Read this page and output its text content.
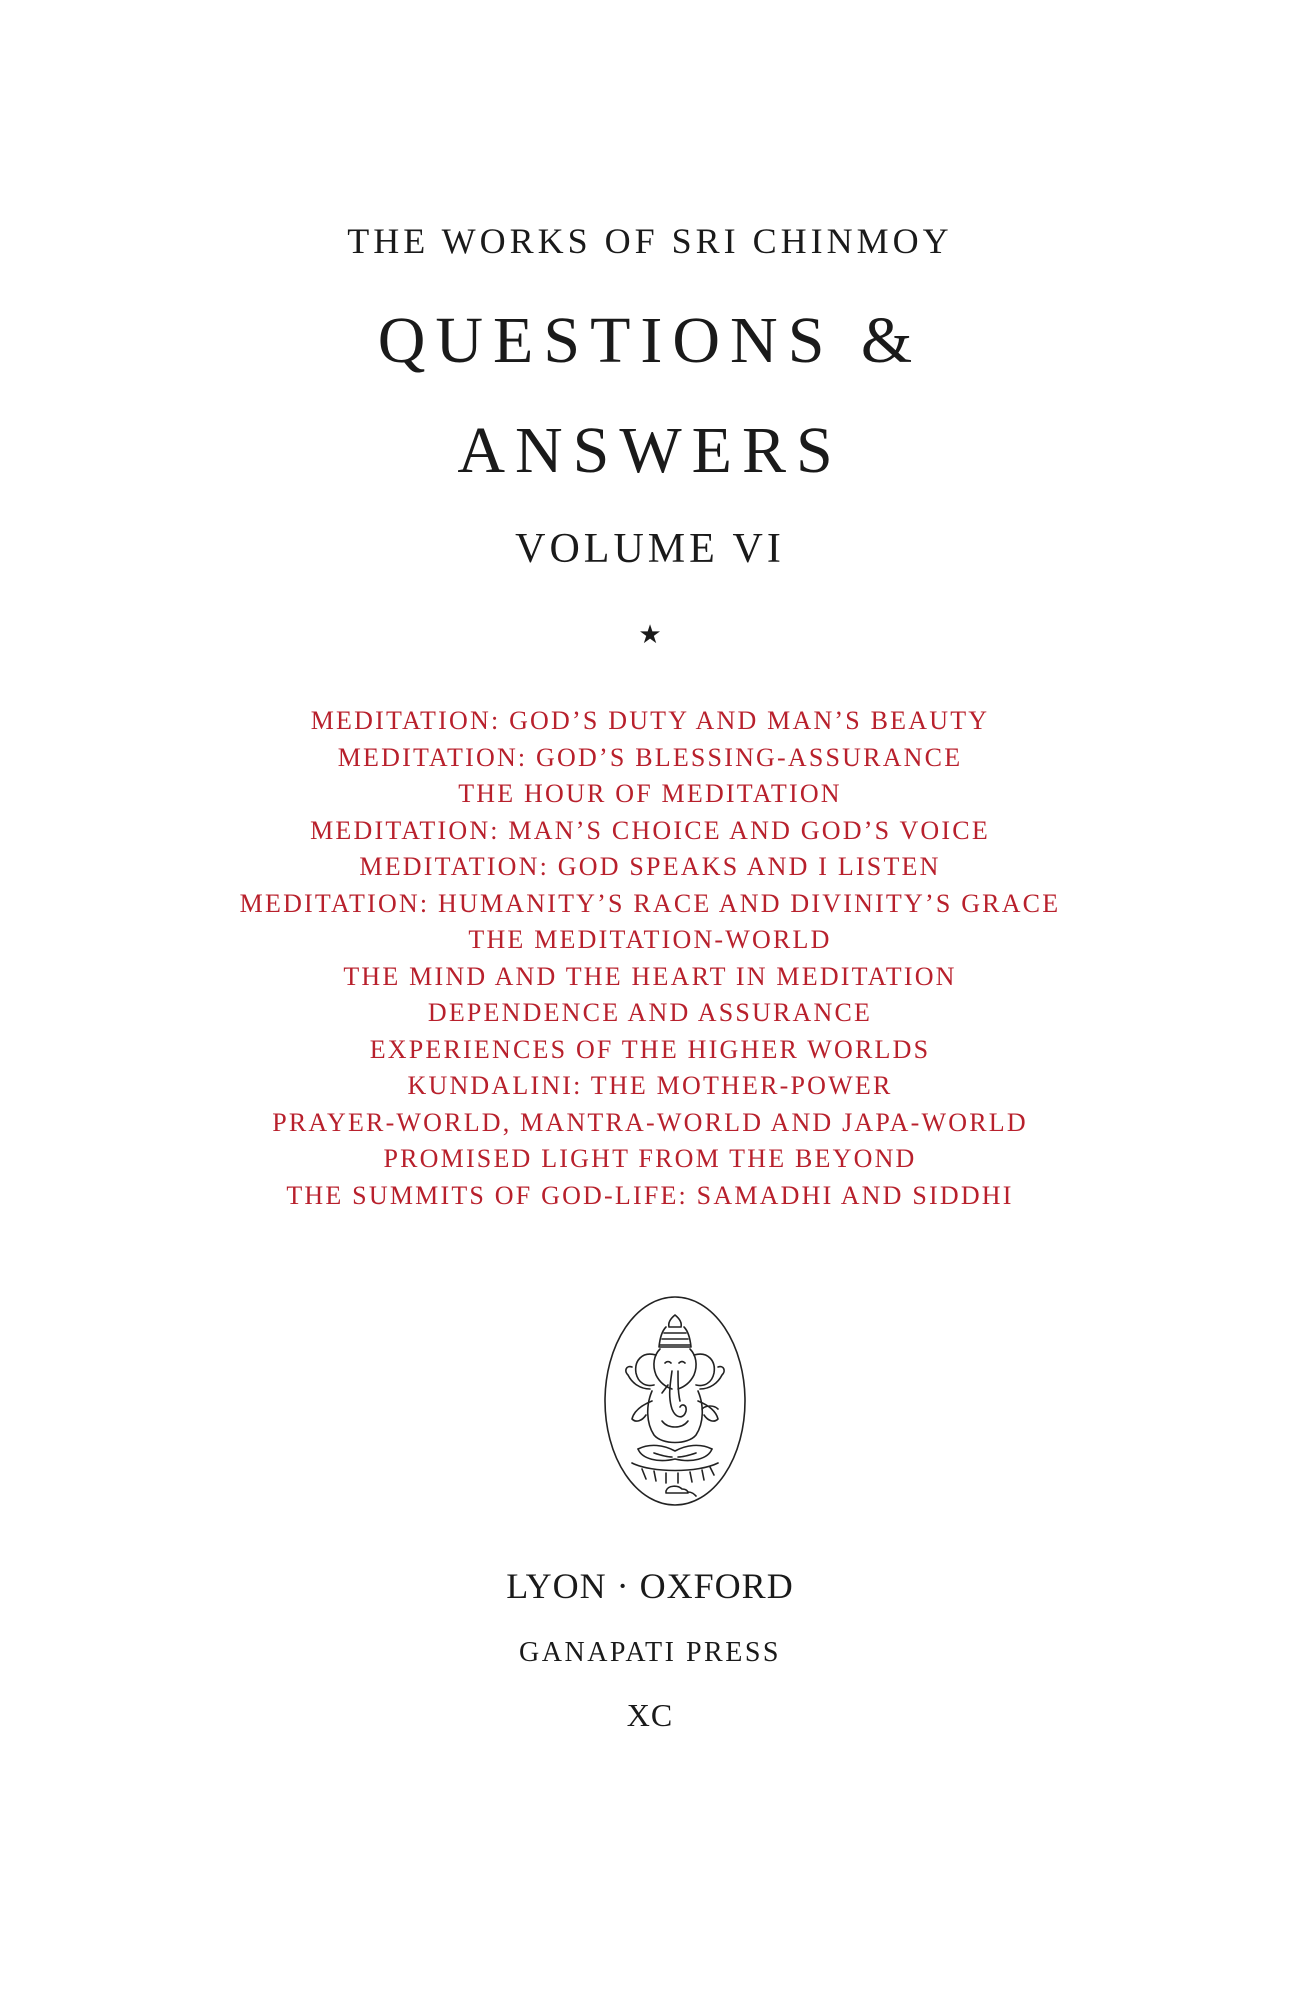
THE WORKS OF SRI CHINMOY
QUESTIONS &
ANSWERS
VOLUME VI
★
MEDITATION: GOD’S DUTY AND MAN’S BEAUTY
MEDITATION: GOD’S BLESSING-ASSURANCE
THE HOUR OF MEDITATION
MEDITATION: MAN’S CHOICE AND GOD’S VOICE
MEDITATION: GOD SPEAKS AND I LISTEN
MEDITATION: HUMANITY’S RACE AND DIVINITY’S GRACE
THE MEDITATION-WORLD
THE MIND AND THE HEART IN MEDITATION
DEPENDENCE AND ASSURANCE
EXPERIENCES OF THE HIGHER WORLDS
KUNDALINI: THE MOTHER-POWER
PRAYER-WORLD, MANTRA-WORLD AND JAPA-WORLD
PROMISED LIGHT FROM THE BEYOND
THE SUMMITS OF GOD-LIFE: SAMADHI AND SIDDHI
LYON · OXFORD
GANAPATI PRESS
XC
